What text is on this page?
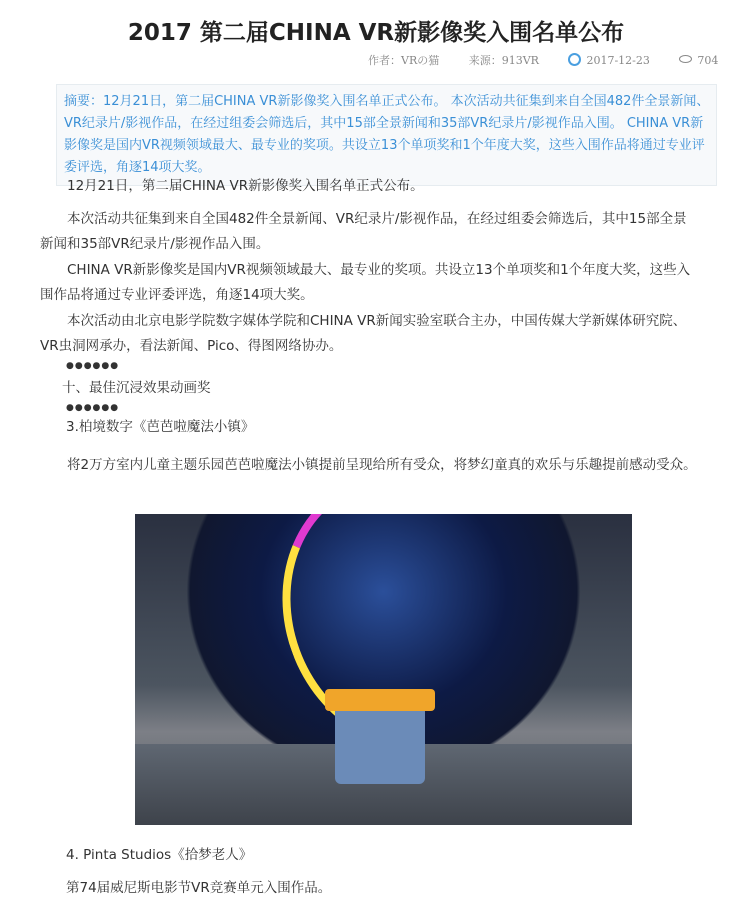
2017 第二届CHINA VR新影像奖入围名单公布
作者：VRの猫	来源：913VR	2017-12-23	704
摘要：12月21日，第二届CHINA VR新影像奖入围名单正式公布。 本次活动共征集到来自全国482件全景新闻、VR纪录片/影视作品，在经过组委会筛选后，其中15部全景新闻和35部VR纪录片/影视作品入围。 CHINA VR新影像奖是国内VR视频领域最大、最专业的奖项。共设立13个单项奖和1个年度大奖，这些入围作品将通过专业评委评选，角逐14项大奖。
12月21日，第二届CHINA VR新影像奖入围名单正式公布。
本次活动共征集到来自全国482件全景新闻、VR纪录片/影视作品，在经过组委会筛选后，其中15部全景新闻和35部VR纪录片/影视作品入围。
CHINA VR新影像奖是国内VR视频领域最大、最专业的奖项。共设立13个单项奖和1个年度大奖，这些入围作品将通过专业评委评选，角逐14项大奖。
本次活动由北京电影学院数字媒体学院和CHINA VR新闻实验室联合主办，中国传媒大学新媒体研究院、VR虫洞网承办，看法新闻、Pico、得图网络协办。
●●●●●●
十、最佳沉浸效果动画奖
●●●●●●
3.柏境数字《芭芭啦魔法小镇》
将2万方室内儿童主题乐园芭芭啦魔法小镇提前呈现给所有受众，将梦幻童真的欢乐与乐趣提前感动受众。
4. Pinta Studios《拾梦老人》
第74届威尼斯电影节VR竞赛单元入围作品。
